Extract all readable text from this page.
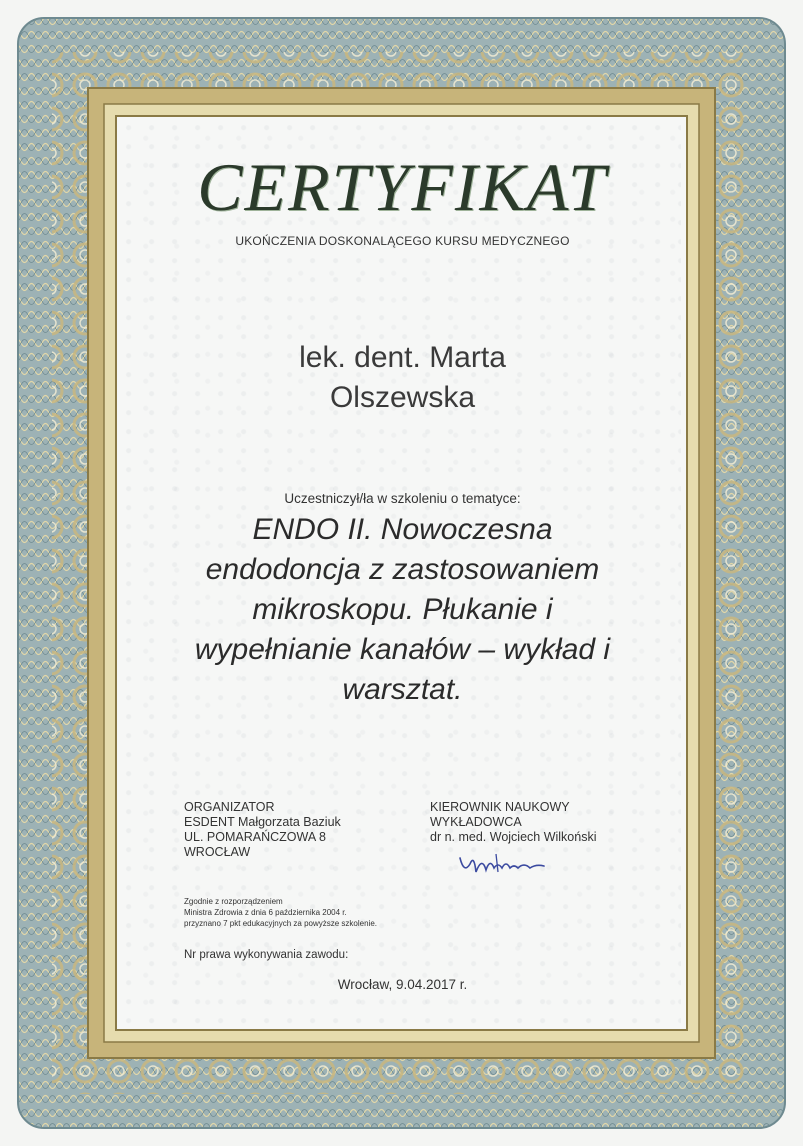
CERTYFIKAT
UKOŃCZENIA DOSKONALĄCEGO KURSU MEDYCZNEGO
lek. dent. Marta Olszewska
Uczestniczył/ła w szkoleniu o tematyce:
ENDO II. Nowoczesna endodoncja z zastosowaniem mikroskopu. Płukanie i wypełnianie kanałów – wykład i warsztat.
ORGANIZATOR
ESDENT Małgorzata Baziuk
UL. POMARAŃCZOWA 8
WROCŁAW
KIEROWNIK NAUKOWY
WYKŁADOWCA
dr n. med. Wojciech Wilkoński
Zgodnie z rozporządzeniem
Ministra Zdrowia z dnia 6 października 2004 r.
przyznano 7 pkt edukacyjnych za powyższe szkolenie.
Nr prawa wykonywania zawodu:
Wrocław, 9.04.2017 r.
